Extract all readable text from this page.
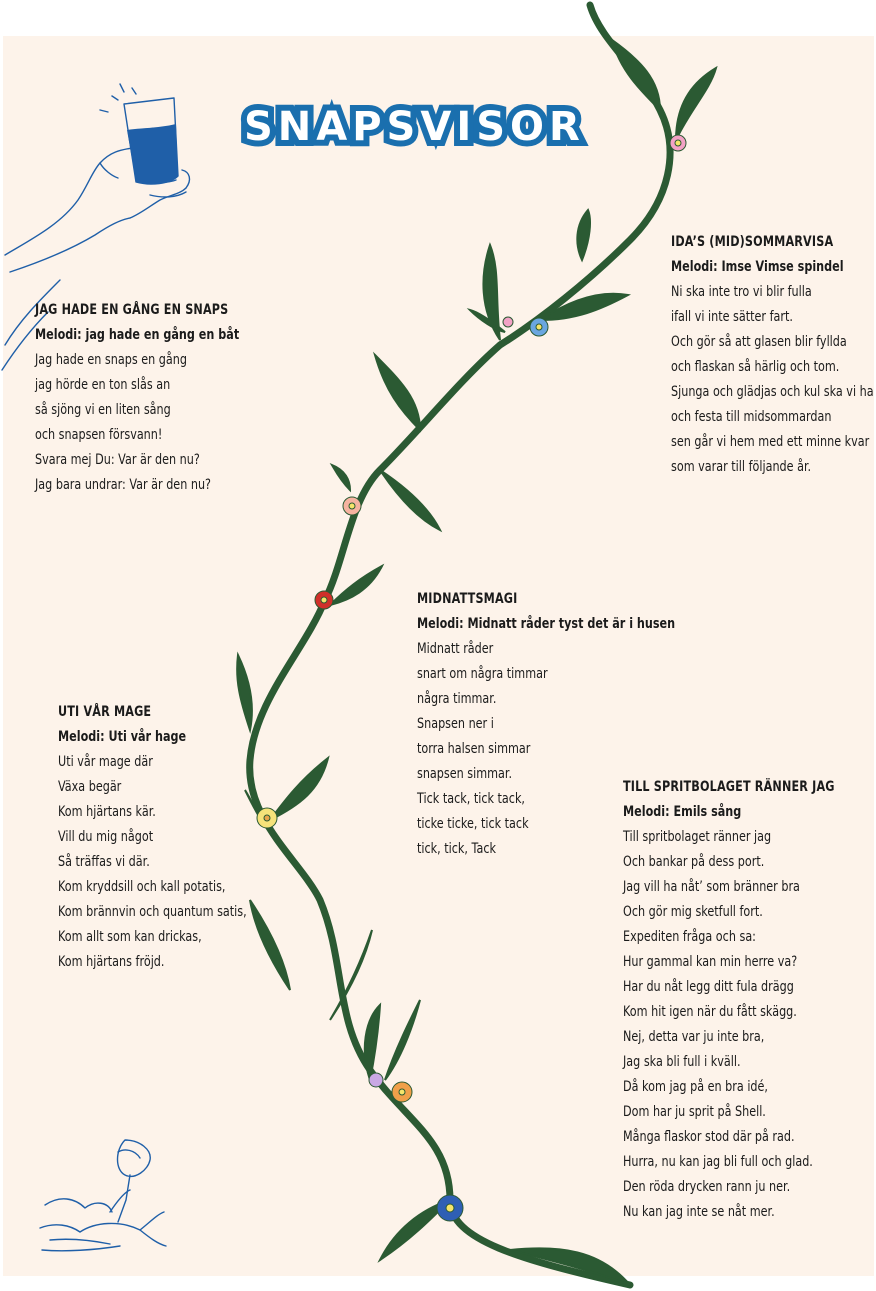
SNAPSVISOR
IDA’S (MID)SOMMARVISA

Melodi: Imse Vimse spindel

Ni ska inte tro vi blir fulla
ifall vi inte sätter fart.
Och gör så att glasen blir fyllda
och flaskan så härlig och tom.
Sjunga och glädjas och kul ska vi ha
och festa till midsommardan
sen går vi hem med ett minne kvar
som varar till följande år.
JAG HADE EN GÅNG EN SNAPS

Melodi: jag hade en gång en båt

Jag hade en snaps en gång
jag hörde en ton slås an
så sjöng vi en liten sång
och snapsen försvann!
Svara mej Du: Var är den nu?
Jag bara undrar: Var är den nu?
MIDNATTSMAGI

Melodi: Midnatt råder tyst det är i husen

Midnatt råder
snart om några timmar
några timmar.
Snapsen ner i
torra halsen simmar
snapsen simmar.
Tick tack, tick tack,
ticke ticke, tick tack
tick, tick, Tack
UTI VÅR MAGE

Melodi: Uti vår hage

Uti vår mage där
Växa begär
Kom hjärtans kär.
Vill du mig något
Så träffas vi där.
Kom kryddsill och kall potatis,
Kom brännvin och quantum satis,
Kom allt som kan drickas,
Kom hjärtans fröjd.
TILL SPRITBOLAGET RÄNNER JAG

Melodi: Emils sång

Till spritbolaget ränner jag
Och bankar på dess port.
Jag vill ha nåt’ som bränner bra
Och gör mig sketfull fort.
Expediten fråga och sa:
Hur gammal kan min herre va?
Har du nåt legg ditt fula drägg
Kom hit igen när du fått skägg.
Nej, detta var ju inte bra,
Jag ska bli full i kväll.
Då kom jag på en bra idé,
Dom har ju sprit på Shell.
Många flaskor stod där på rad.
Hurra, nu kan jag bli full och glad.
Den röda drycken rann ju ner.
Nu kan jag inte se nåt mer.
